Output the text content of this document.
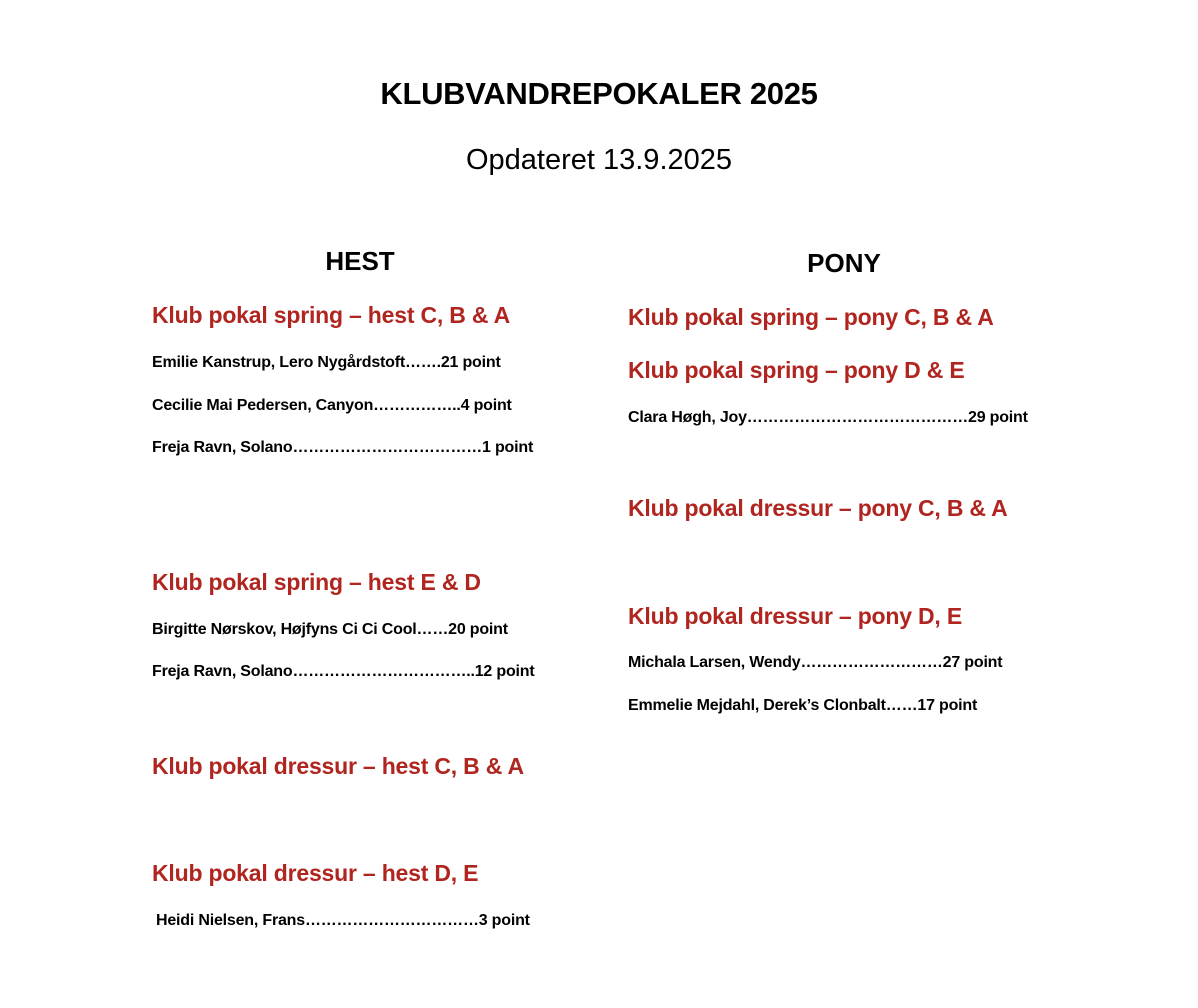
KLUBVANDREPOKALER 2025
Opdateret 13.9.2025
HEST
Klub pokal spring – hest C, B & A
Emilie Kanstrup, Lero Nygårdstoft…….21 point
Cecilie Mai Pedersen, Canyon……………..4 point
Freja Ravn, Solano………………………………1 point
Klub pokal spring – hest E & D
Birgitte Nørskov, Højfyns Ci Ci Cool……20 point
Freja Ravn, Solano……………………………..12 point
Klub pokal dressur – hest C, B & A
Klub pokal dressur – hest D, E
Heidi Nielsen, Frans……………………………3 point
PONY
Klub pokal spring – pony C, B & A
Klub pokal spring – pony D & E
Clara Høgh, Joy……………………………………29 point
Klub pokal dressur – pony C, B & A
Klub pokal dressur – pony D, E
Michala Larsen, Wendy………………………27 point
Emmelie Mejdahl, Derek’s Clonbalt……17 point
